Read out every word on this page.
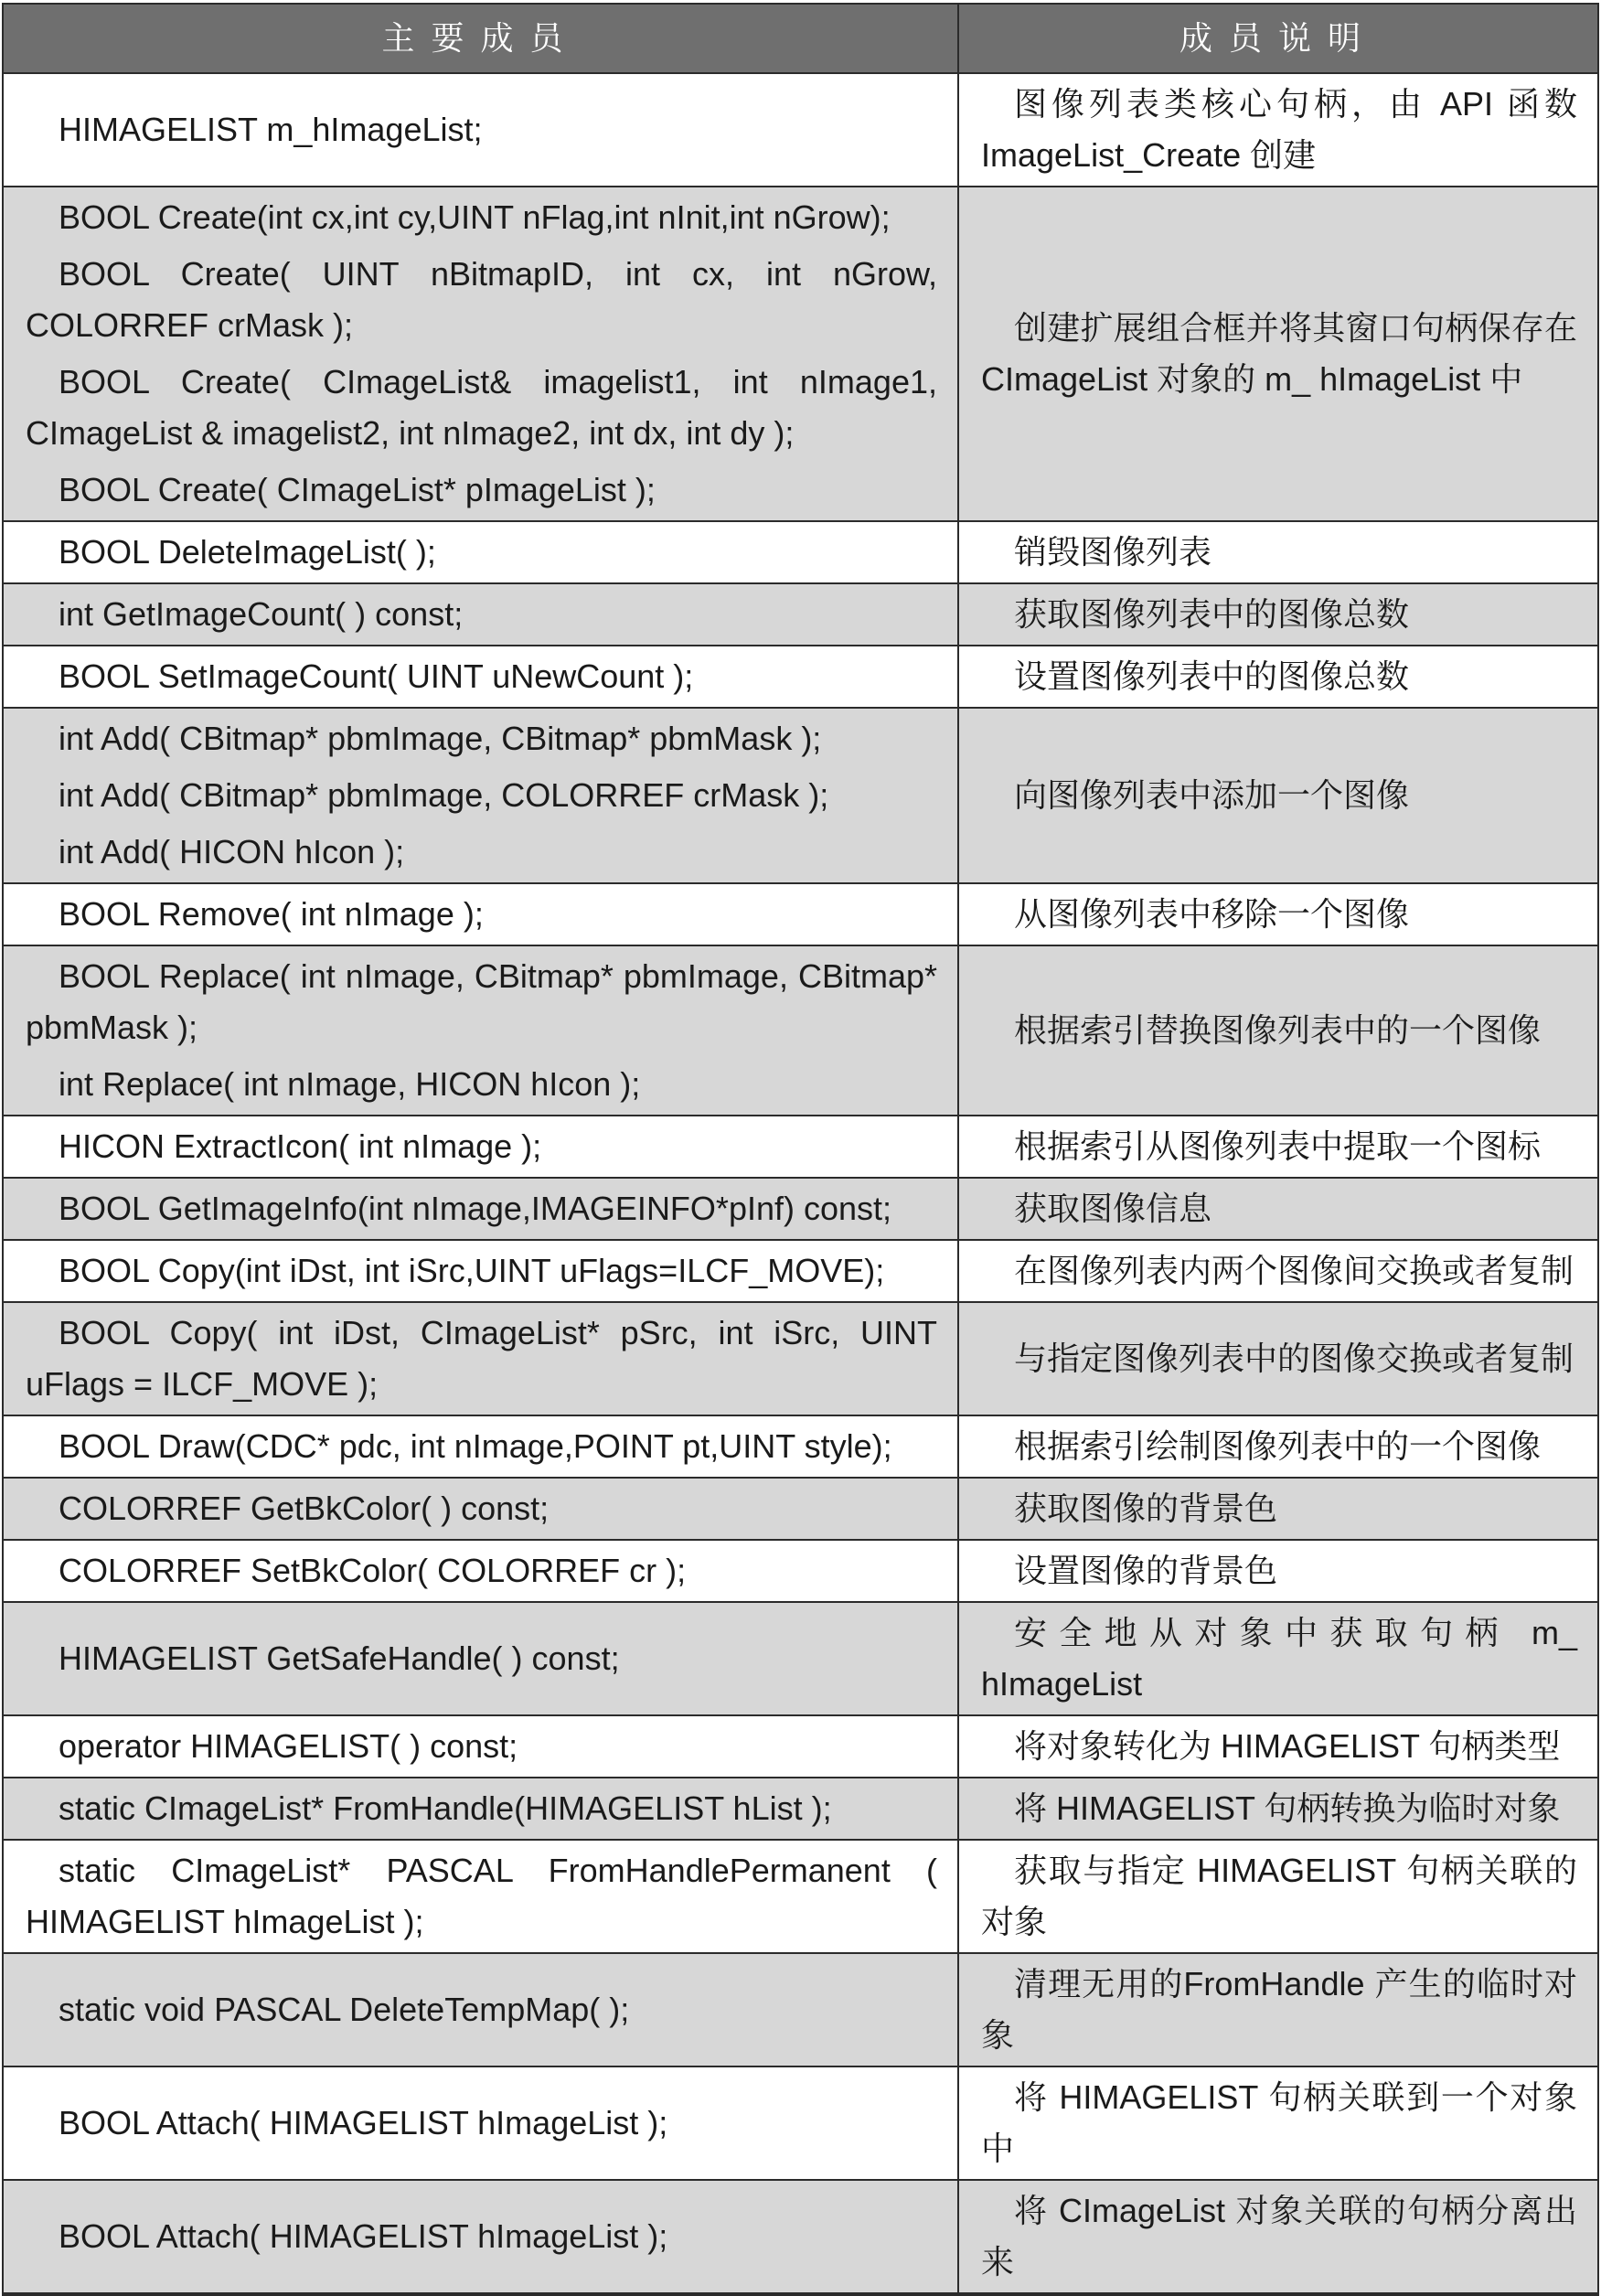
主要成员	成员说明

HIMAGELIST m_hImageList;	图像列表类核心句柄，由 API 函数 ImageList_Create 创建

BOOL Create(int cx,int cy,UINT nFlag,int nInit,int nGrow);
BOOL Create( UINT nBitmapID, int cx, int nGrow, COLORREF crMask );
BOOL Create( CImageList& imagelist1, int nImage1, CImageList & imagelist2, int nImage2, int dx, int dy );
BOOL Create( CImageList* pImageList );	创建扩展组合框并将其窗口句柄保存在 CImageList 对象的 m_ hImageList 中

BOOL DeleteImageList( );	销毁图像列表

int GetImageCount( ) const;	获取图像列表中的图像总数

BOOL SetImageCount( UINT uNewCount );	设置图像列表中的图像总数

int Add( CBitmap* pbmImage, CBitmap* pbmMask );
int Add( CBitmap* pbmImage, COLORREF crMask );
int Add( HICON hIcon );	向图像列表中添加一个图像

BOOL Remove( int nImage );	从图像列表中移除一个图像

BOOL Replace( int nImage, CBitmap* pbmImage, CBitmap* pbmMask );
int Replace( int nImage, HICON hIcon );	根据索引替换图像列表中的一个图像

HICON ExtractIcon( int nImage );	根据索引从图像列表中提取一个图标

BOOL GetImageInfo(int nImage,IMAGEINFO*pInf) const;	获取图像信息

BOOL Copy(int iDst, int iSrc,UINT uFlags=ILCF_MOVE);	在图像列表内两个图像间交换或者复制

BOOL Copy( int iDst, CImageList* pSrc, int iSrc, UINT uFlags = ILCF_MOVE );	与指定图像列表中的图像交换或者复制

BOOL Draw(CDC* pdc, int nImage,POINT pt,UINT style);	根据索引绘制图像列表中的一个图像

COLORREF GetBkColor( ) const;	获取图像的背景色

COLORREF SetBkColor( COLORREF cr );	设置图像的背景色

HIMAGELIST GetSafeHandle( ) const;	安全地从对象中获取句柄 m_ hImageList

operator HIMAGELIST( ) const;	将对象转化为 HIMAGELIST 句柄类型

static CImageList* FromHandle(HIMAGELIST hList );	将 HIMAGELIST 句柄转换为临时对象

static CImageList* PASCAL FromHandlePermanent ( HIMAGELIST hImageList );	获取与指定 HIMAGELIST 句柄关联的对象

static void PASCAL DeleteTempMap( );	清理无用的FromHandle 产生的临时对象

BOOL Attach( HIMAGELIST hImageList );	将 HIMAGELIST 句柄关联到一个对象中

BOOL Attach( HIMAGELIST hImageList );	将 CImageList 对象关联的句柄分离出来
